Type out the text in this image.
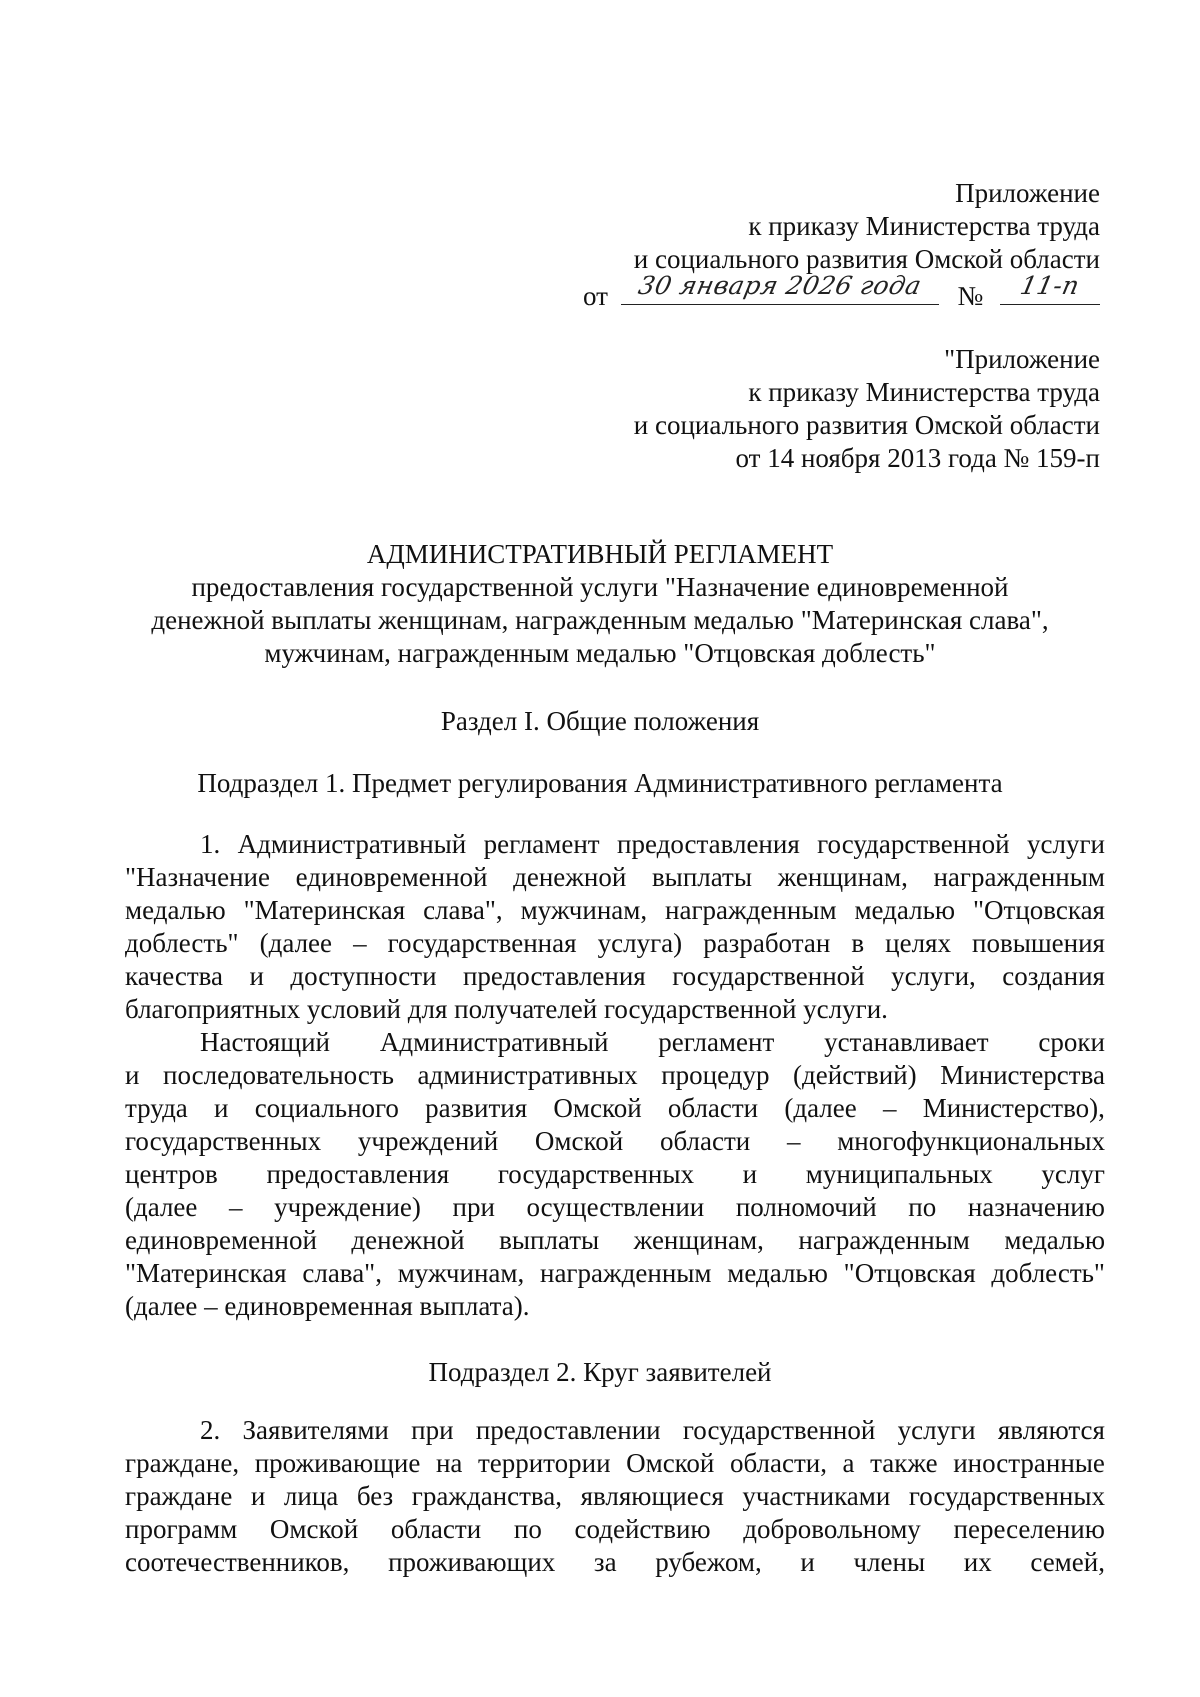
Приложение
к приказу Министерства труда
и социального развития Омской области
от	30 января 2026 года	№	11-п
"Приложение
к приказу Министерства труда
и социального развития Омской области
от 14 ноября 2013 года № 159-п
АДМИНИСТРАТИВНЫЙ РЕГЛАМЕНТ
предоставления государственной услуги "Назначение единовременной
денежной выплаты женщинам, награжденным медалью "Материнская слава",
мужчинам, награжденным медалью "Отцовская доблесть"
Раздел I. Общие положения
Подраздел 1. Предмет регулирования Административного регламента
1. Административный регламент предоставления государственной услуги
"Назначение единовременной денежной выплаты женщинам, награжденным
медалью "Материнская слава", мужчинам, награжденным медалью "Отцовская
доблесть" (далее – государственная услуга) разработан в целях повышения
качества и доступности предоставления государственной услуги, создания
благоприятных условий для получателей государственной услуги.
Настоящий Административный регламент устанавливает сроки
и последовательность административных процедур (действий) Министерства
труда и социального развития Омской области (далее – Министерство),
государственных учреждений Омской области – многофункциональных
центров предоставления государственных и муниципальных услуг
(далее – учреждение) при осуществлении полномочий по назначению
единовременной денежной выплаты женщинам, награжденным медалью
"Материнская слава", мужчинам, награжденным медалью "Отцовская доблесть"
(далее – единовременная выплата).
Подраздел 2. Круг заявителей
2. Заявителями при предоставлении государственной услуги являются
граждане, проживающие на территории Омской области, а также иностранные
граждане и лица без гражданства, являющиеся участниками государственных
программ Омской области по содействию добровольному переселению
соотечественников, проживающих за рубежом, и члены их семей,
